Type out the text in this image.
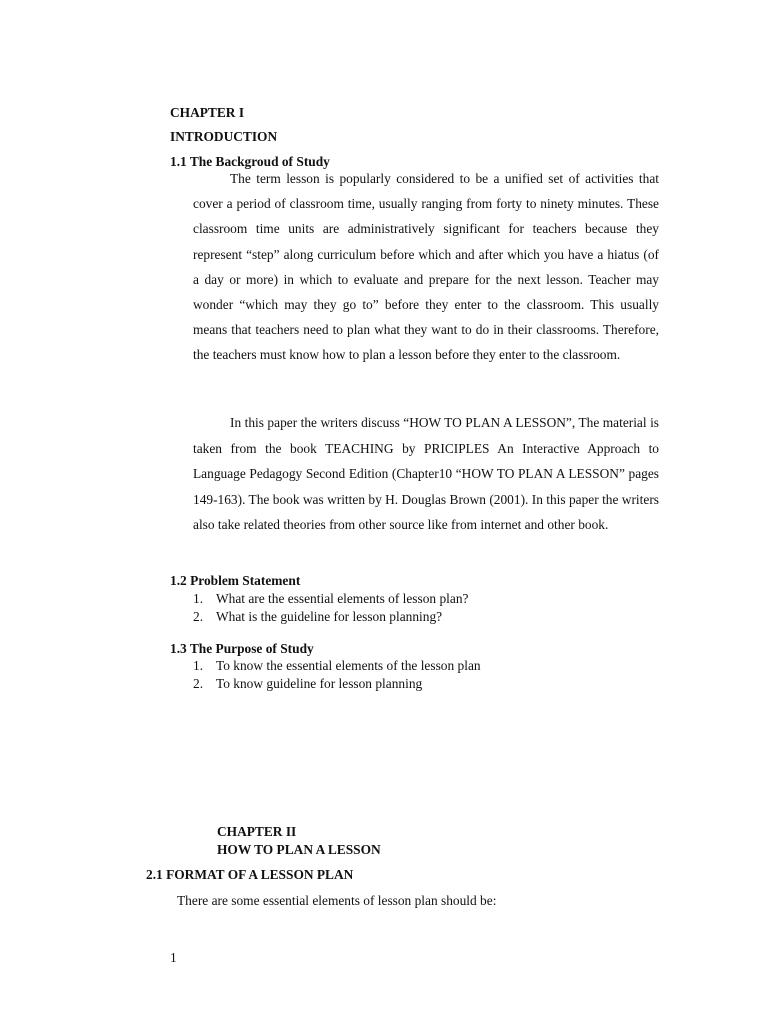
CHAPTER I
INTRODUCTION
1.1 The Backgroud of Study

The term lesson is popularly considered to be a unified set of activities that cover a period of classroom time, usually ranging from forty to ninety minutes. These classroom time units are administratively significant for teachers because they represent “step” along curriculum before which and after which you have a hiatus (of a day or more) in which to evaluate and prepare for the next lesson. Teacher may wonder “which may they go to” before they enter to the classroom. This usually means that teachers need to plan what they want to do in their classrooms. Therefore, the teachers must know how to plan a lesson before they enter to the classroom.

In this paper the writers discuss “HOW TO PLAN A LESSON”, The material is taken from the book TEACHING by PRICIPLES An Interactive Approach to Language Pedagogy Second Edition (Chapter10 “HOW TO PLAN A LESSON” pages 149-163). The book was written by H. Douglas Brown (2001). In this paper the writers also take related theories from other source like from internet and other book.

1.2 Problem Statement
1. What are the essential elements of lesson plan?
2. What is the guideline for lesson planning?
1.3 The Purpose of Study
1. To know the essential elements of the lesson plan
2. To know guideline for lesson planning
CHAPTER II
HOW TO PLAN A LESSON
2.1 FORMAT OF A LESSON PLAN
There are some essential elements of lesson plan should be:
1
